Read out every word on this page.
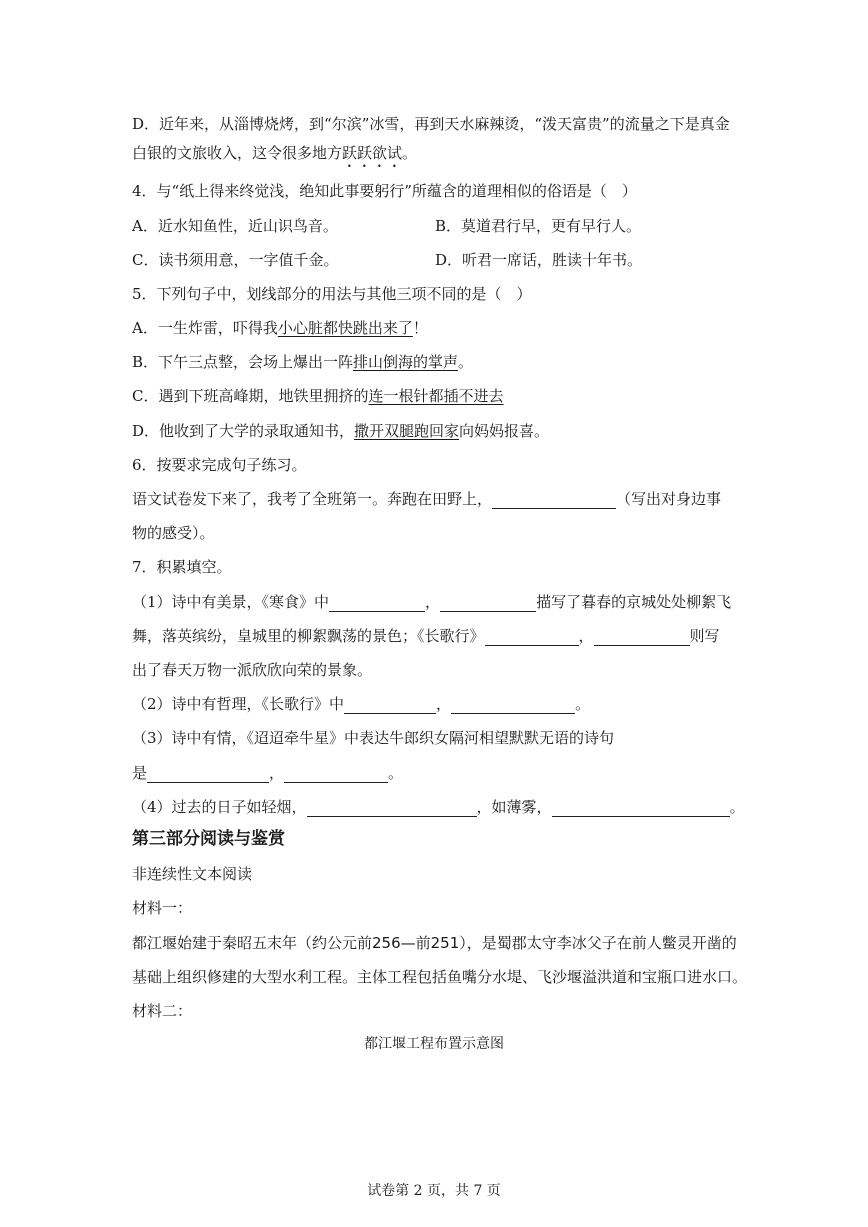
D．近年来，从淄博烧烤，到“尔滨”冰雪，再到天水麻辣烫，“泼天富贵”的流量之下是真金
白银的文旅收入，这令很多地方跃跃欲试。
4．与“纸上得来终觉浅，绝知此事要躬行”所蕴含的道理相似的俗语是（　）
A．近水知鱼性，近山识鸟音。	B．莫道君行早，更有早行人。
C．读书须用意，一字值千金。	D．听君一席话，胜读十年书。
5．下列句子中，划线部分的用法与其他三项不同的是（　）
A．一生炸雷，吓得我小心脏都快跳出来了！
B．下午三点整，会场上爆出一阵排山倒海的掌声。
C．遇到下班高峰期，地铁里拥挤的连一根针都插不进去
D．他收到了大学的录取通知书，撒开双腿跑回家向妈妈报喜。
6．按要求完成句子练习。
语文试卷发下来了，我考了全班第一。奔跑在田野上，	（写出对身边事
物的感受）。
7．积累填空。
（1）诗中有美景，《寒食》中	，	描写了暮春的京城处处柳絮飞
舞，落英缤纷，皇城里的柳絮飘荡的景色；《长歌行》	，	则写
出了春天万物一派欣欣向荣的景象。
（2）诗中有哲理，《长歌行》中	，	。
（3）诗中有情，《迢迢牵牛星》中表达牛郎织女隔河相望默默无语的诗句
是	，	。
（4）过去的日子如轻烟，	，如薄雾，	。
第三部分阅读与鉴赏
非连续性文本阅读
材料一：
都江堰始建于秦昭五末年（约公元前256—前251），是蜀郡太守李冰父子在前人鳖灵开凿的
基础上组织修建的大型水利工程。主体工程包括鱼嘴分水堤、飞沙堰溢洪道和宝瓶口进水口。
材料二：
都江堰工程布置示意图
试卷第 2 页，共 7 页
